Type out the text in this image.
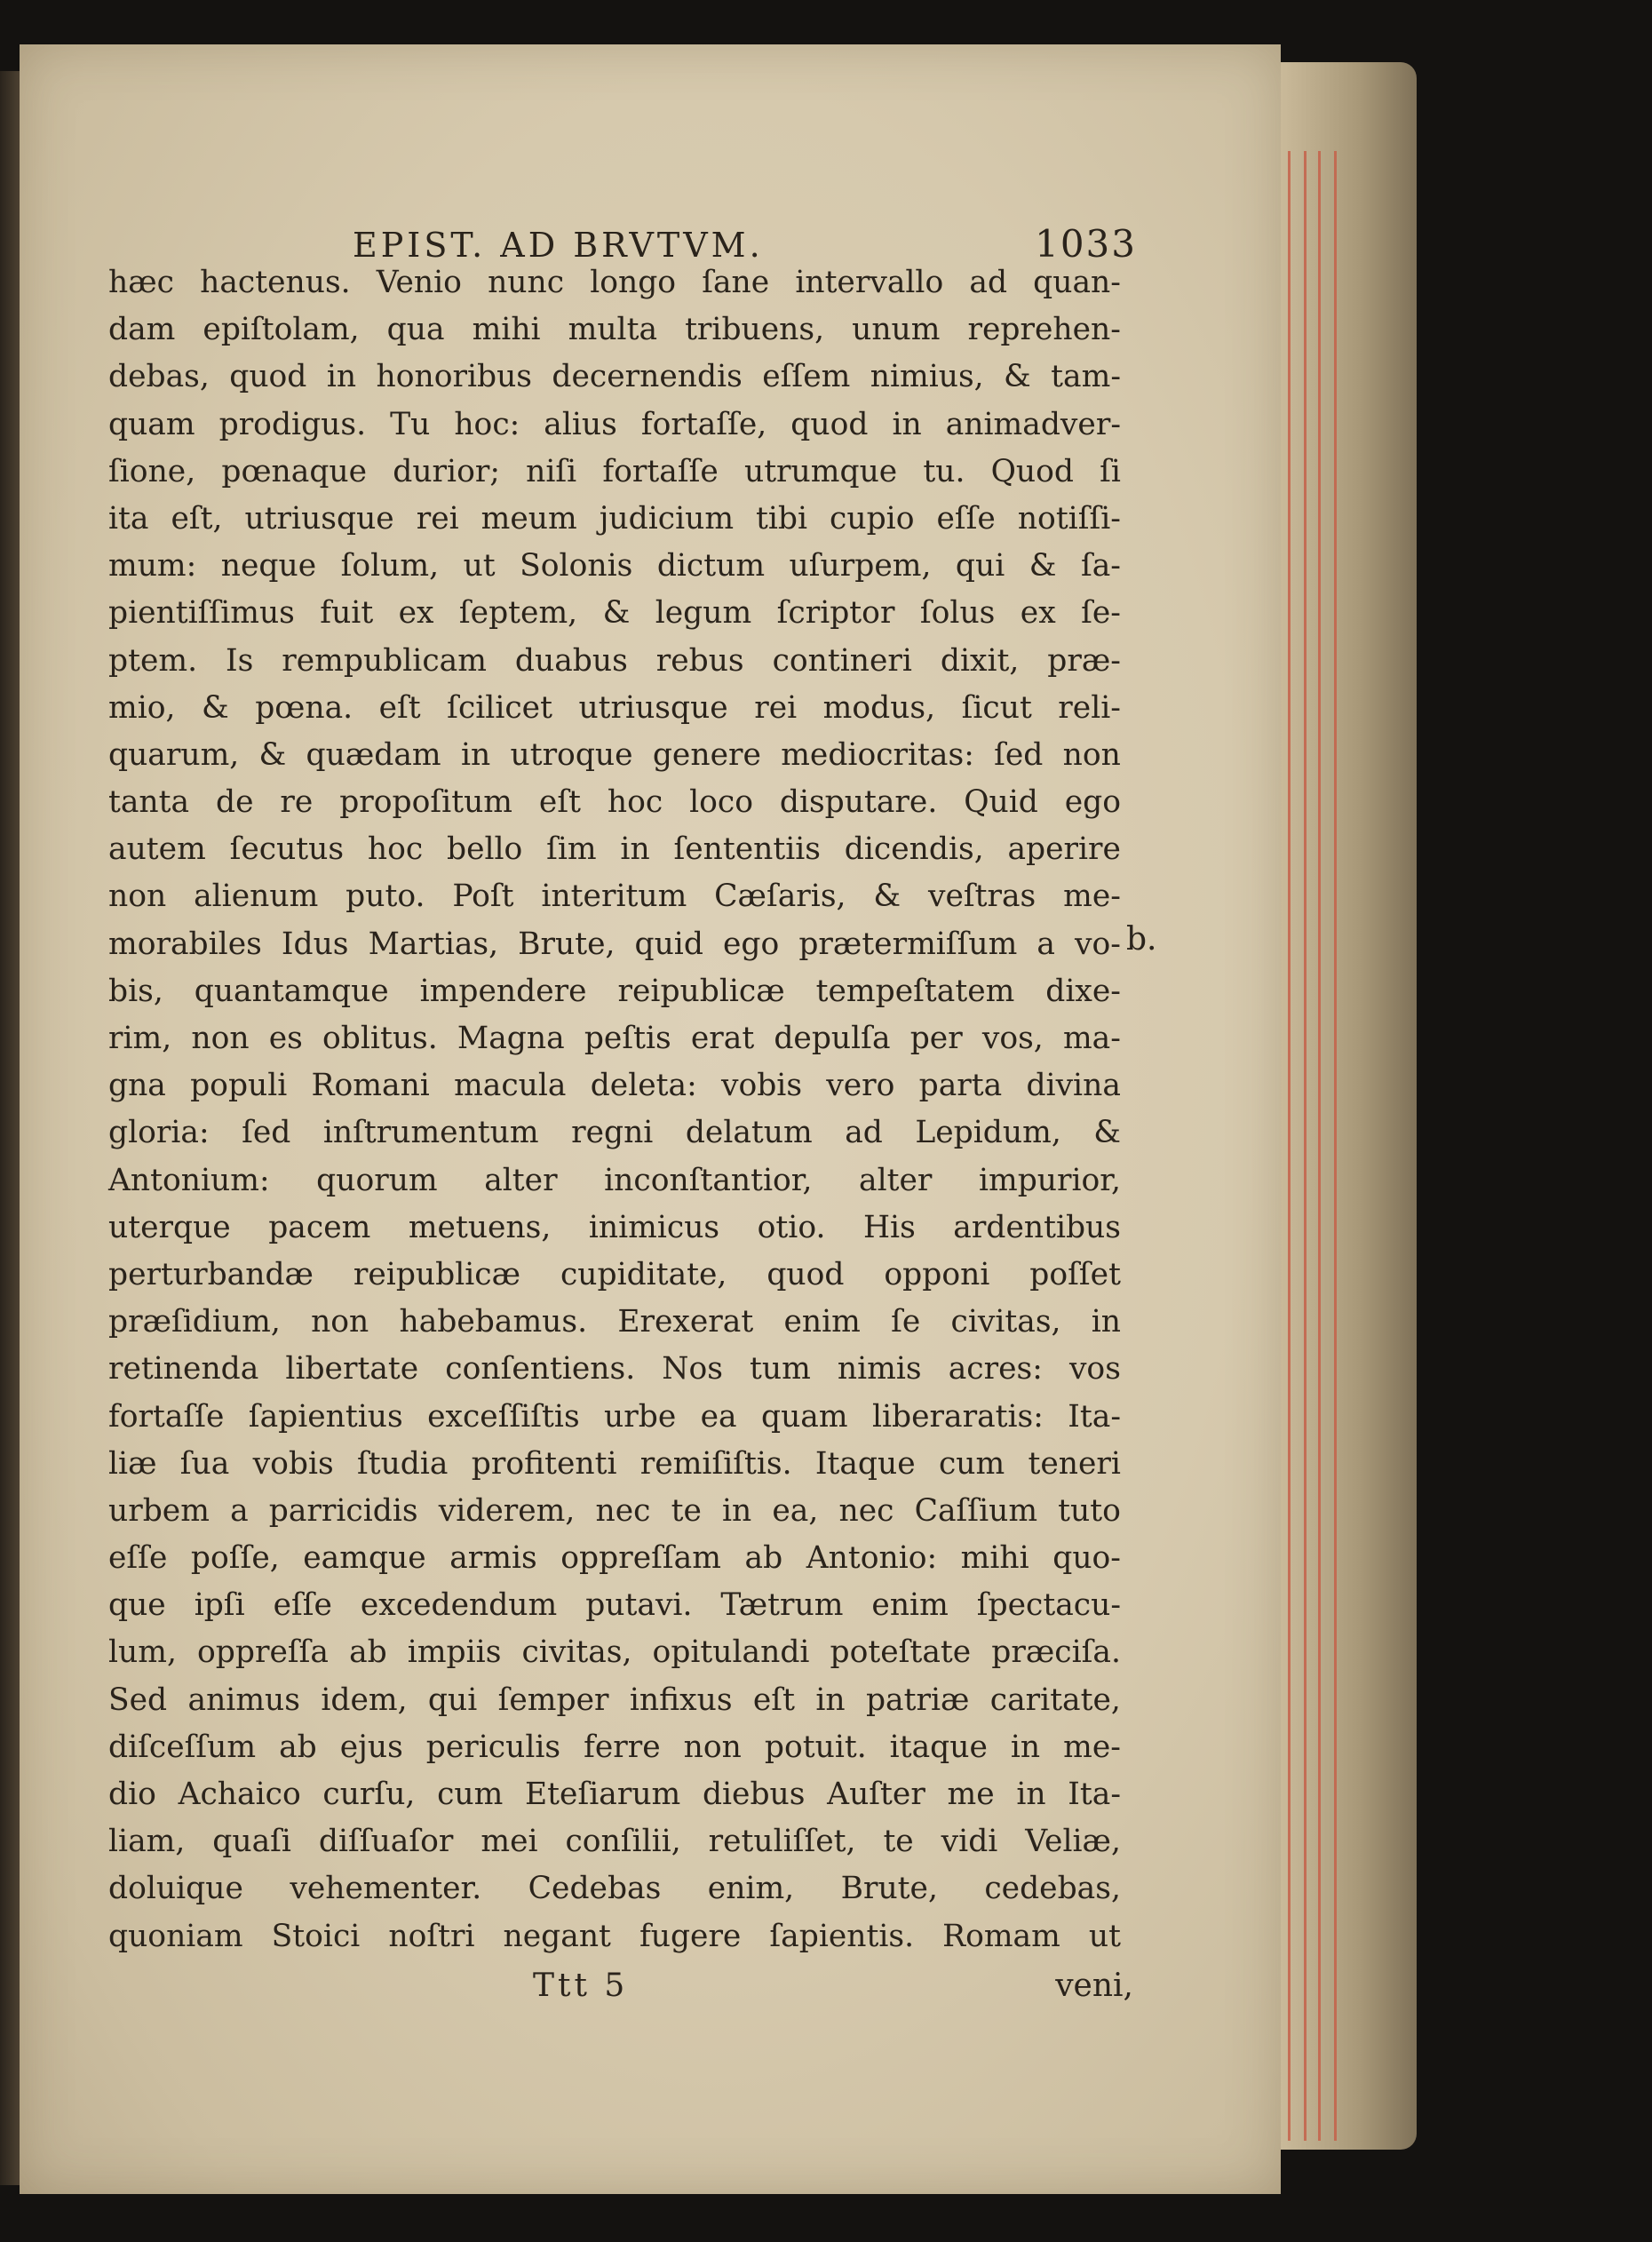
EPIST. AD BRVTVM.	1033
hæc hactenus. Venio nunc longo ſane intervallo ad quan-
dam epiſtolam, qua mihi multa tribuens, unum reprehen-
debas, quod in honoribus decernendis eſſem nimius, & tam-
quam prodigus. Tu hoc: alius fortaſſe, quod in animadver-
ſione, pœnaque durior; niſi fortaſſe utrumque tu. Quod ſi
ita eſt, utriusque rei meum judicium tibi cupio eſſe notiſſi-
mum: neque ſolum, ut Solonis dictum uſurpem, qui & ſa-
pientiſſimus fuit ex ſeptem, & legum ſcriptor ſolus ex ſe-
ptem. Is rempublicam duabus rebus contineri dixit, præ-
mio, & pœna. eſt ſcilicet utriusque rei modus, ſicut reli-
quarum, & quædam in utroque genere mediocritas: ſed non
tanta de re propoſitum eſt hoc loco disputare. Quid ego
autem ſecutus hoc bello ſim in ſententiis dicendis, aperire
non alienum puto. Poſt interitum Cæſaris, & veſtras me-
morabiles Idus Martias, Brute, quid ego prætermiſſum a vo-
bis, quantamque impendere reipublicæ tempeſtatem dixe-
rim, non es oblitus. Magna peſtis erat depulſa per vos, ma-
gna populi Romani macula deleta: vobis vero parta divina
gloria: ſed inſtrumentum regni delatum ad Lepidum, &
Antonium: quorum alter inconſtantior, alter impurior,
uterque pacem metuens, inimicus otio. His ardentibus
perturbandæ reipublicæ cupiditate, quod opponi poſſet
præſidium, non habebamus. Erexerat enim ſe civitas, in
retinenda libertate conſentiens. Nos tum nimis acres: vos
fortaſſe ſapientius exceſſiſtis urbe ea quam liberaratis: Ita-
liæ ſua vobis ſtudia profitenti remiſiſtis. Itaque cum teneri
urbem a parricidis viderem, nec te in ea, nec Caſſium tuto
eſſe poſſe, eamque armis oppreſſam ab Antonio: mihi quo-
que ipſi eſſe excedendum putavi. Tætrum enim ſpectacu-
lum, oppreſſa ab impiis civitas, opitulandi poteſtate præciſa.
Sed animus idem, qui ſemper infixus eſt in patriæ caritate,
diſceſſum ab ejus periculis ferre non potuit. itaque in me-
dio Achaico curſu, cum Eteſiarum diebus Auſter me in Ita-
liam, quaſi diſſuaſor mei conſilii, retuliſſet, te vidi Veliæ,
doluique vehementer. Cedebas enim, Brute, cedebas,
quoniam Stoici noſtri negant fugere ſapientis. Romam ut
b.
Ttt 5	veni,
